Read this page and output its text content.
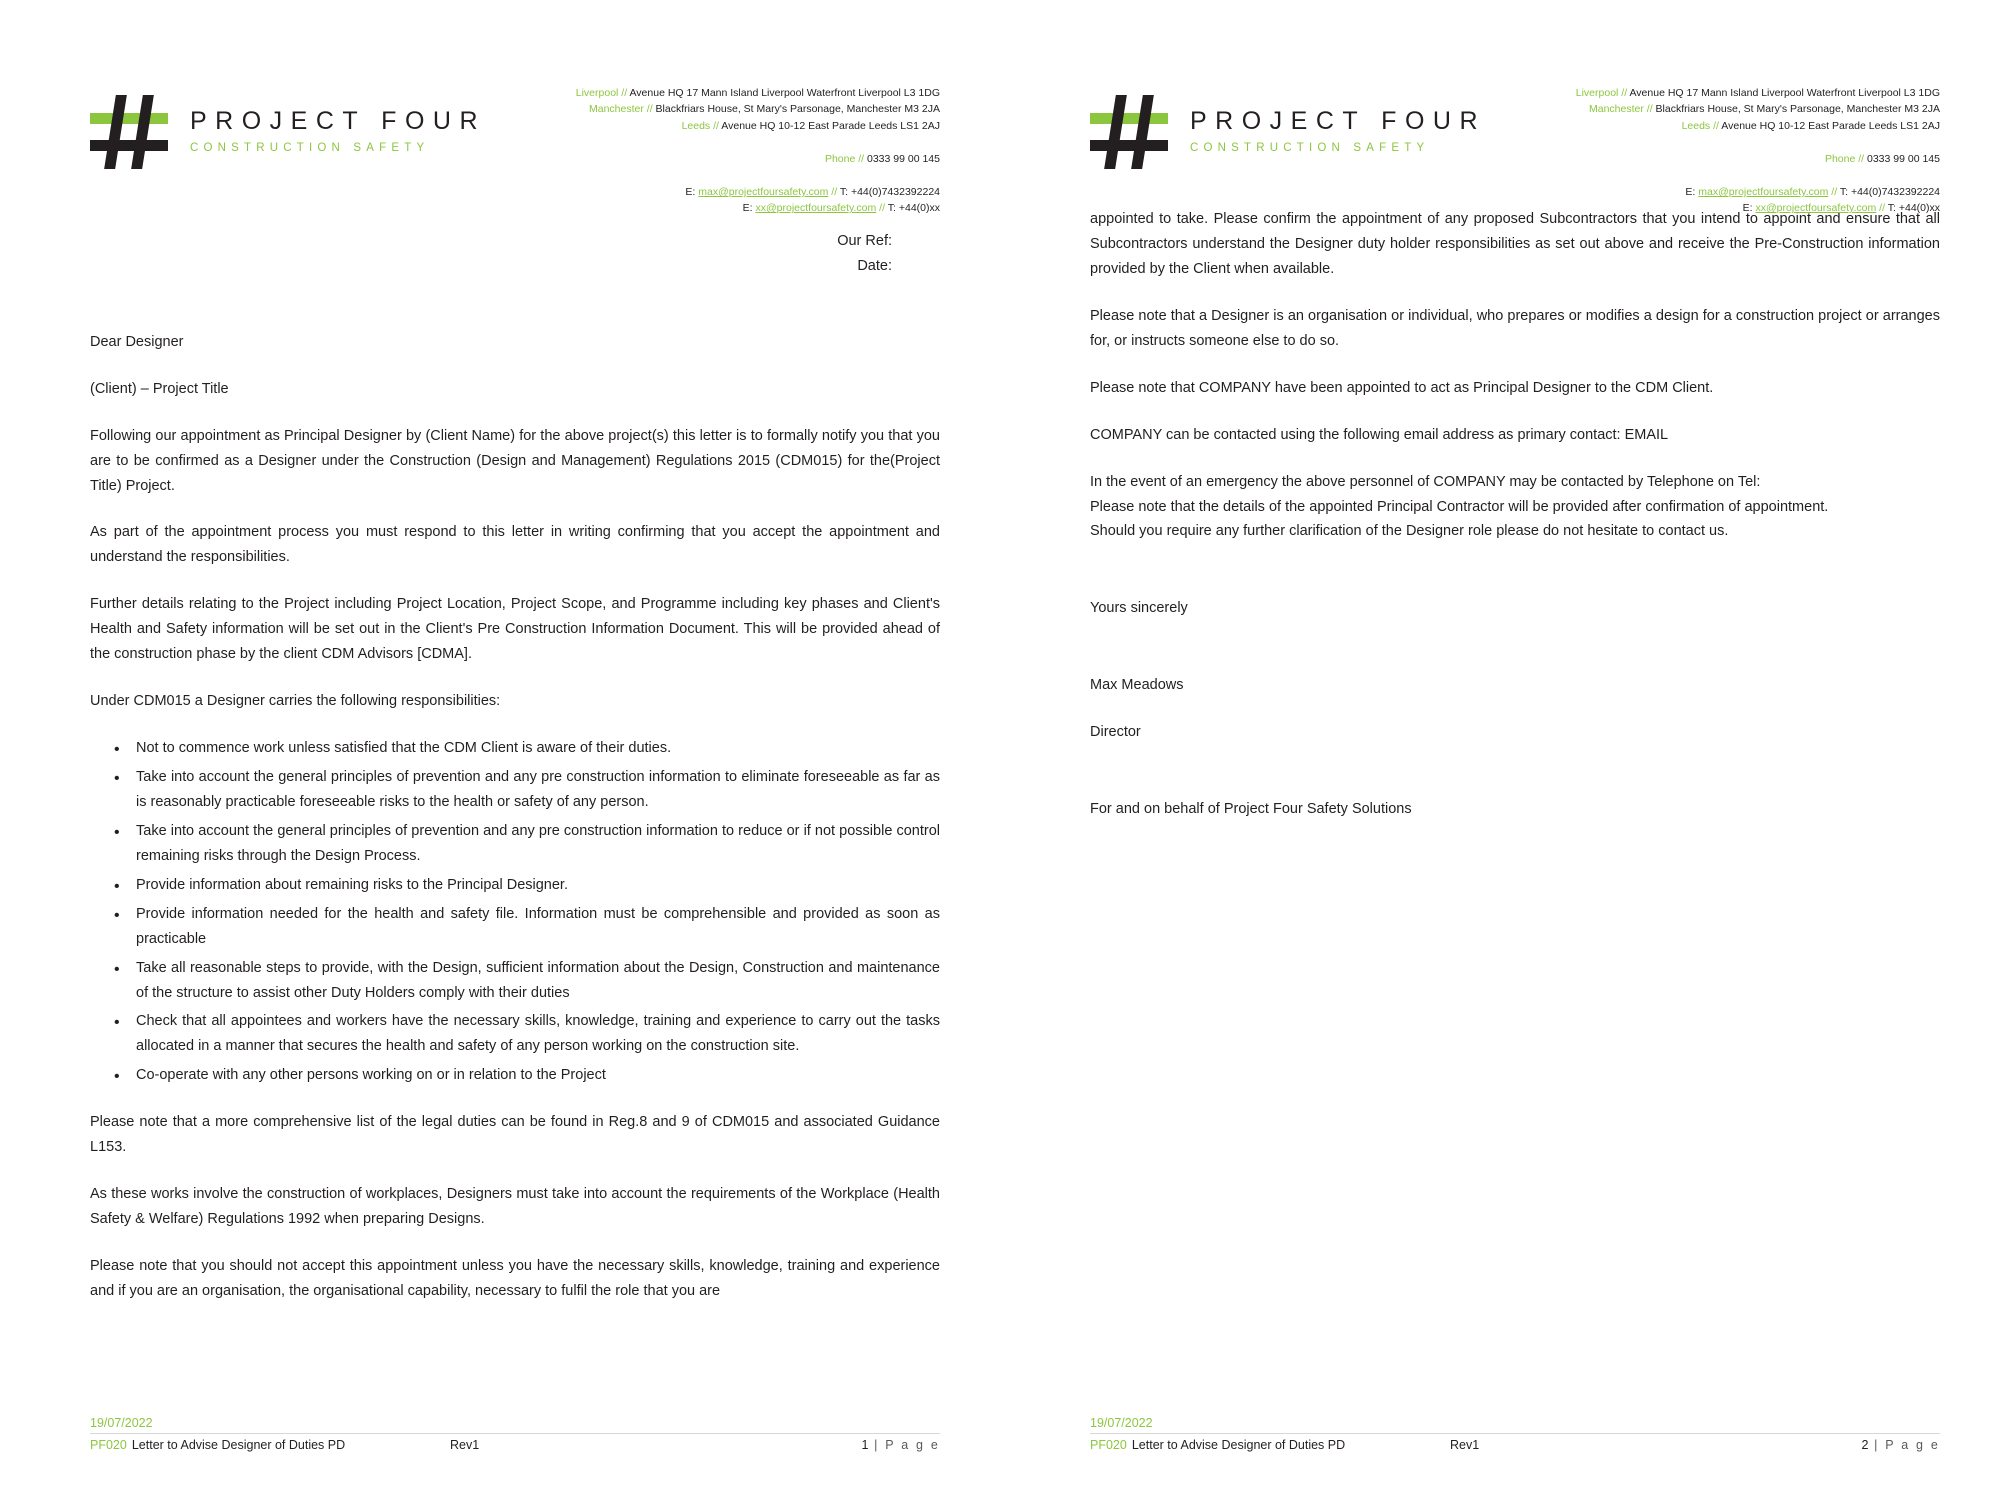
PROJECT FOUR
CONSTRUCTION SAFETY
Liverpool // Avenue HQ 17 Mann Island Liverpool Waterfront Liverpool L3 1DG
Manchester // Blackfriars House, St Mary's Parsonage, Manchester M3 2JA
Leeds // Avenue HQ 10-12 East Parade Leeds LS1 2AJ
Phone // 0333 99 00 145
E: max@projectfoursafety.com // T: +44(0)7432392224
E: xx@projectfoursafety.com // T: +44(0)xx
Our Ref:
Date:

Dear Designer

(Client) – Project Title

Following our appointment as Principal Designer by (Client Name) for the above project(s) this letter is to formally notify you that you are to be confirmed as a Designer under the Construction (Design and Management) Regulations 2015 (CDM015) for the(Project Title) Project.

As part of the appointment process you must respond to this letter in writing confirming that you accept the appointment and understand the responsibilities.

Further details relating to the Project including Project Location, Project Scope, and Programme including key phases and Client's Health and Safety information will be set out in the Client's Pre Construction Information Document. This will be provided ahead of the construction phase by the client CDM Advisors [CDMA].

Under CDM015 a Designer carries the following responsibilities:

• Not to commence work unless satisfied that the CDM Client is aware of their duties.
• Take into account the general principles of prevention and any pre construction information to eliminate foreseeable as far as is reasonably practicable foreseeable risks to the health or safety of any person.
• Take into account the general principles of prevention and any pre construction information to reduce or if not possible control remaining risks through the Design Process.
• Provide information about remaining risks to the Principal Designer.
• Provide information needed for the health and safety file. Information must be comprehensible and provided as soon as practicable
• Take all reasonable steps to provide, with the Design, sufficient information about the Design, Construction and maintenance of the structure to assist other Duty Holders comply with their duties
• Check that all appointees and workers have the necessary skills, knowledge, training and experience to carry out the tasks allocated in a manner that secures the health and safety of any person working on the construction site.
• Co-operate with any other persons working on or in relation to the Project

Please note that a more comprehensive list of the legal duties can be found in Reg.8 and 9 of CDM015 and associated Guidance L153.

As these works involve the construction of workplaces, Designers must take into account the requirements of the Workplace (Health Safety & Welfare) Regulations 1992 when preparing Designs.

Please note that you should not accept this appointment unless you have the necessary skills, knowledge, training and experience and if you are an organisation, the organisational capability, necessary to fulfil the role that you are

19/07/2022
PF020 Letter to Advise Designer of Duties PD	Rev1	1 | P a g e
PROJECT FOUR
CONSTRUCTION SAFETY
Liverpool // Avenue HQ 17 Mann Island Liverpool Waterfront Liverpool L3 1DG
Manchester // Blackfriars House, St Mary's Parsonage, Manchester M3 2JA
Leeds // Avenue HQ 10-12 East Parade Leeds LS1 2AJ
Phone // 0333 99 00 145
E: max@projectfoursafety.com // T: +44(0)7432392224
E: xx@projectfoursafety.com // T: +44(0)xx

appointed to take. Please confirm the appointment of any proposed Subcontractors that you intend to appoint and ensure that all Subcontractors understand the Designer duty holder responsibilities as set out above and receive the Pre-Construction information provided by the Client when available.

Please note that a Designer is an organisation or individual, who prepares or modifies a design for a construction project or arranges for, or instructs someone else to do so.

Please note that COMPANY have been appointed to act as Principal Designer to the CDM Client.

COMPANY can be contacted using the following email address as primary contact: EMAIL

In the event of an emergency the above personnel of COMPANY may be contacted by Telephone on Tel:

Please note that the details of the appointed Principal Contractor will be provided after confirmation of appointment.

Should you require any further clarification of the Designer role please do not hesitate to contact us.

Yours sincerely

Max Meadows

Director

For and on behalf of Project Four Safety Solutions

19/07/2022
PF020 Letter to Advise Designer of Duties PD	Rev1	2 | P a g e
